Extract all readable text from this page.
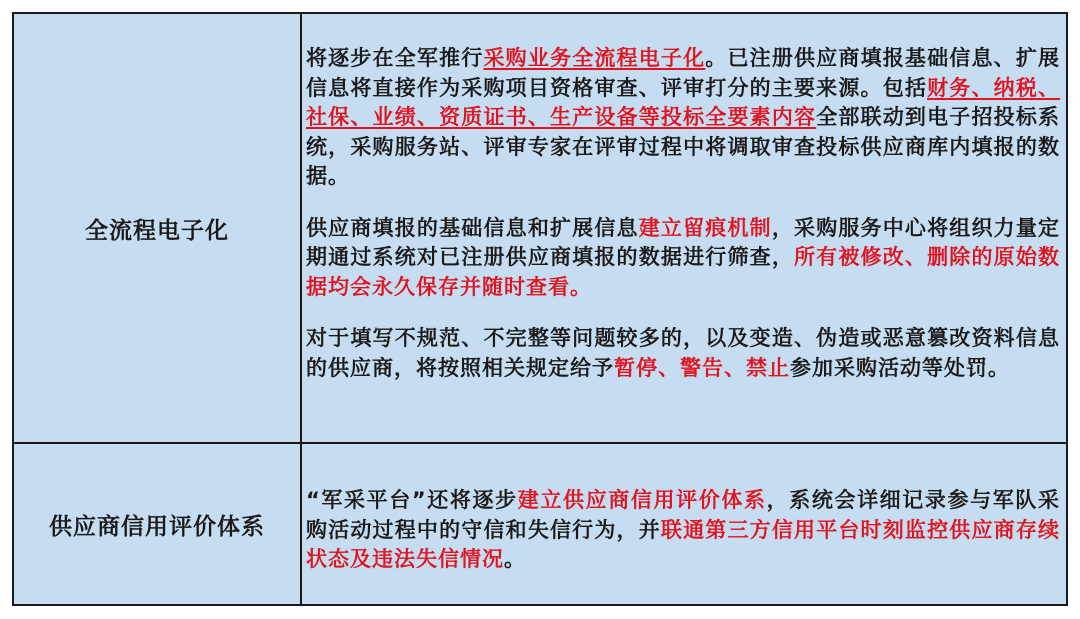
全流程电子化

将逐步在全军推行采购业务全流程电子化。已注册供应商填报基础信息、扩展信息将直接作为采购项目资格审查、评审打分的主要来源。包括财务、纳税、社保、业绩、资质证书、生产设备等投标全要素内容全部联动到电子招投标系统，采购服务站、评审专家在评审过程中将调取审查投标供应商库内填报的数据。

供应商填报的基础信息和扩展信息建立留痕机制，采购服务中心将组织力量定期通过系统对已注册供应商填报的数据进行筛查，所有被修改、删除的原始数据均会永久保存并随时查看。

对于填写不规范、不完整等问题较多的，以及变造、伪造或恶意篡改资料信息的供应商，将按照相关规定给予暂停、警告、禁止参加采购活动等处罚。

供应商信用评价体系

“军采平台”还将逐步建立供应商信用评价体系，系统会详细记录参与军队采购活动过程中的守信和失信行为，并联通第三方信用平台时刻监控供应商存续状态及违法失信情况。
